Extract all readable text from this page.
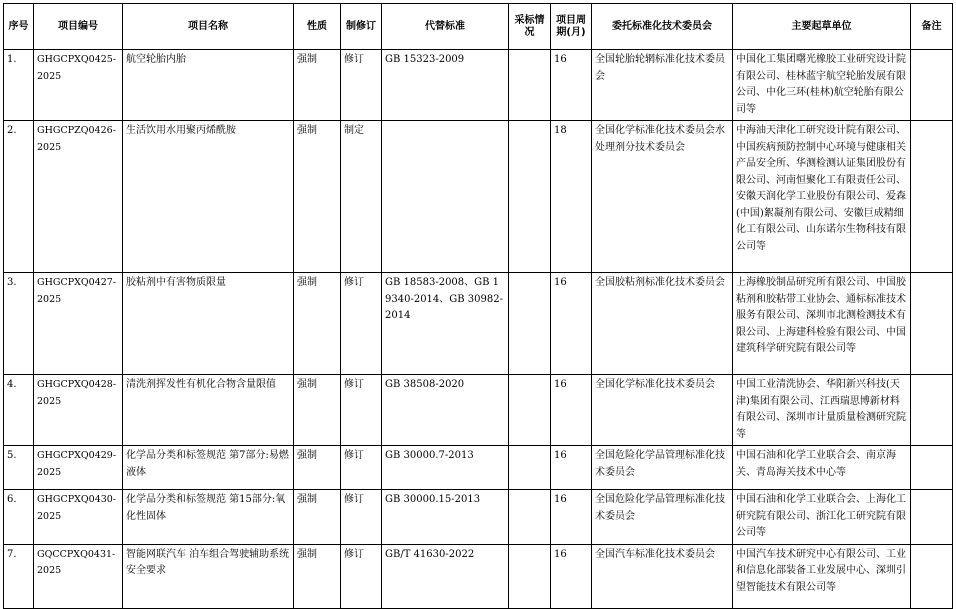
序号	项目编号	项目名称	性质	制修订	代替标准	采标情况	项目周期(月)	委托标准化技术委员会	主要起草单位	备注
1.	GHGCPXQ0425-2025	航空轮胎内胎	强制	修订	GB 15323-2009		16	全国轮胎轮辋标准化技术委员会	中国化工集团曙光橡胶工业研究设计院有限公司、桂林蓝宇航空轮胎发展有限公司、中化三环(桂林)航空轮胎有限公司等	
2.	GHGCPZQ0426-2025	生活饮用水用聚丙烯酰胺	强制	制定			18	全国化学标准化技术委员会水处理剂分技术委员会	中海油天津化工研究设计院有限公司、中国疾病预防控制中心环境与健康相关产品安全所、华测检测认证集团股份有限公司、河南恒聚化工有限责任公司、安徽天润化学工业股份有限公司、爱森(中国)絮凝剂有限公司、安徽巨成精细化工有限公司、山东诺尔生物科技有限公司等	
3.	GHGCPXQ0427-2025	胶粘剂中有害物质限量	强制	修订	GB 18583-2008、GB 19340-2014、GB 30982-2014		16	全国胶粘剂标准化技术委员会	上海橡胶制品研究所有限公司、中国胶粘剂和胶粘带工业协会、通标标准技术服务有限公司、深圳市北测检测技术有限公司、上海建科检验有限公司、中国建筑科学研究院有限公司等	
4.	GHGCPXQ0428-2025	清洗剂挥发性有机化合物含量限值	强制	修订	GB 38508-2020		16	全国化学标准化技术委员会	中国工业清洗协会、华阳新兴科技(天津)集团有限公司、江西瑞思博新材料有限公司、深圳市计量质量检测研究院等	
5.	GHGCPXQ0429-2025	化学品分类和标签规范 第7部分:易燃液体	强制	修订	GB 30000.7-2013		16	全国危险化学品管理标准化技术委员会	中国石油和化学工业联合会、南京海关、青岛海关技术中心等	
6.	GHGCPXQ0430-2025	化学品分类和标签规范 第15部分:氧化性固体	强制	修订	GB 30000.15-2013		16	全国危险化学品管理标准化技术委员会	中国石油和化学工业联合会、上海化工研究院有限公司、浙江化工研究院有限公司等	
7.	GQCCPXQ0431-2025	智能网联汽车 泊车组合驾驶辅助系统安全要求	强制	修订	GB/T 41630-2022		16	全国汽车标准化技术委员会	中国汽车技术研究中心有限公司、工业和信息化部装备工业发展中心、深圳引望智能技术有限公司等	
